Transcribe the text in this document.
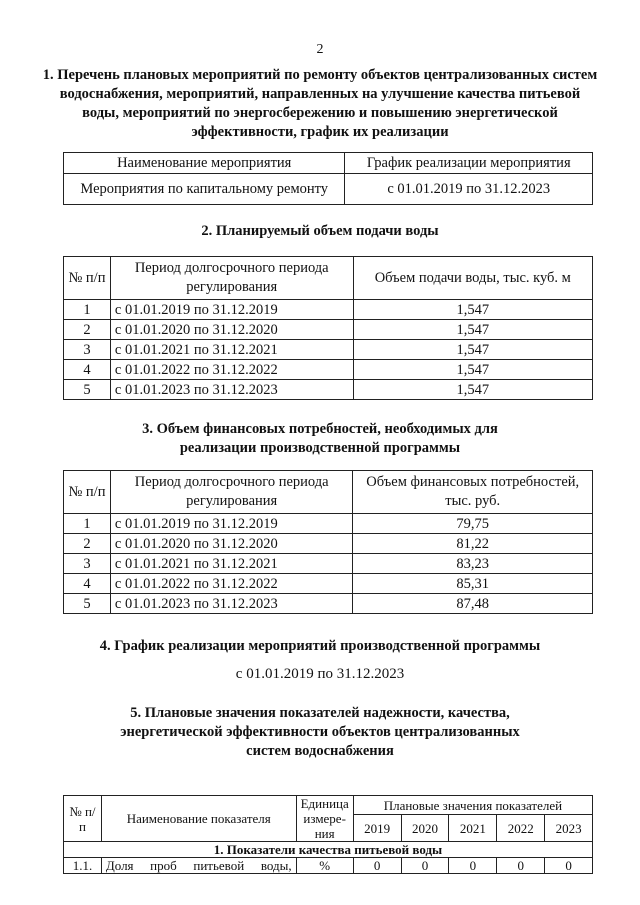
2
1. Перечень плановых мероприятий по ремонту объектов централизованных систем водоснабжения, мероприятий, направленных на улучшение качества питьевой воды, мероприятий по энергосбережению и повышению энергетической эффективности, график их реализации
Наименование мероприятия	График реализации мероприятия
Мероприятия по капитальному ремонту	с 01.01.2019 по 31.12.2023
2. Планируемый объем подачи воды
№ п/п	Период долгосрочного периода регулирования	Объем подачи воды, тыс. куб. м
1	с 01.01.2019 по 31.12.2019	1,547
2	с 01.01.2020 по 31.12.2020	1,547
3	с 01.01.2021 по 31.12.2021	1,547
4	с 01.01.2022 по 31.12.2022	1,547
5	с 01.01.2023 по 31.12.2023	1,547
3. Объем финансовых потребностей, необходимых для реализации производственной программы
№ п/п	Период долгосрочного периода регулирования	Объем финансовых потребностей, тыс. руб.
1	с 01.01.2019 по 31.12.2019	79,75
2	с 01.01.2020 по 31.12.2020	81,22
3	с 01.01.2021 по 31.12.2021	83,23
4	с 01.01.2022 по 31.12.2022	85,31
5	с 01.01.2023 по 31.12.2023	87,48
4. График реализации мероприятий производственной программы
с 01.01.2019 по 31.12.2023
5. Плановые значения показателей надежности, качества, энергетической эффективности объектов централизованных систем водоснабжения
№ п/п	Наименование показателя	Единица измере-ния	Плановые значения показателей				
			2019	2020	2021	2022	2023
1. Показатели качества питьевой воды							
1.1.	Доля проб питьевой воды,	%	0	0	0	0	0
